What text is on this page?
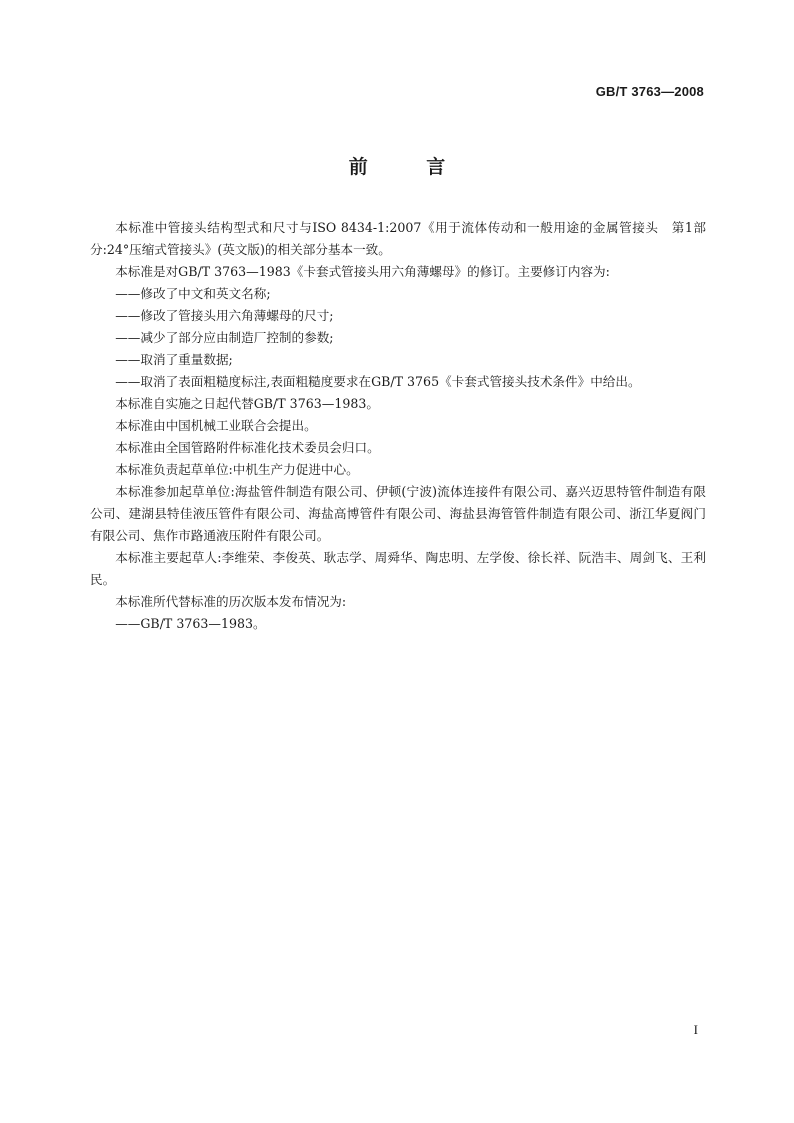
GB/T 3763—2008
前 言

本标准中管接头结构型式和尺寸与ISO 8434-1:2007《用于流体传动和一般用途的金属管接头　第1部分:24°压缩式管接头》(英文版)的相关部分基本一致。

本标准是对GB/T 3763—1983《卡套式管接头用六角薄螺母》的修订。主要修订内容为:

——修改了中文和英文名称;

——修改了管接头用六角薄螺母的尺寸;

——减少了部分应由制造厂控制的参数;

——取消了重量数据;

——取消了表面粗糙度标注,表面粗糙度要求在GB/T 3765《卡套式管接头技术条件》中给出。

本标准自实施之日起代替GB/T 3763—1983。

本标准由中国机械工业联合会提出。

本标准由全国管路附件标准化技术委员会归口。

本标准负责起草单位:中机生产力促进中心。

本标准参加起草单位:海盐管件制造有限公司、伊顿(宁波)流体连接件有限公司、嘉兴迈思特管件制造有限公司、建湖县特佳液压管件有限公司、海盐高博管件有限公司、海盐县海管管件制造有限公司、浙江华夏阀门有限公司、焦作市路通液压附件有限公司。

本标准主要起草人:李维荣、李俊英、耿志学、周舜华、陶忠明、左学俊、徐长祥、阮浩丰、周剑飞、王利民。

本标准所代替标准的历次版本发布情况为:

——GB/T 3763—1983。

I
